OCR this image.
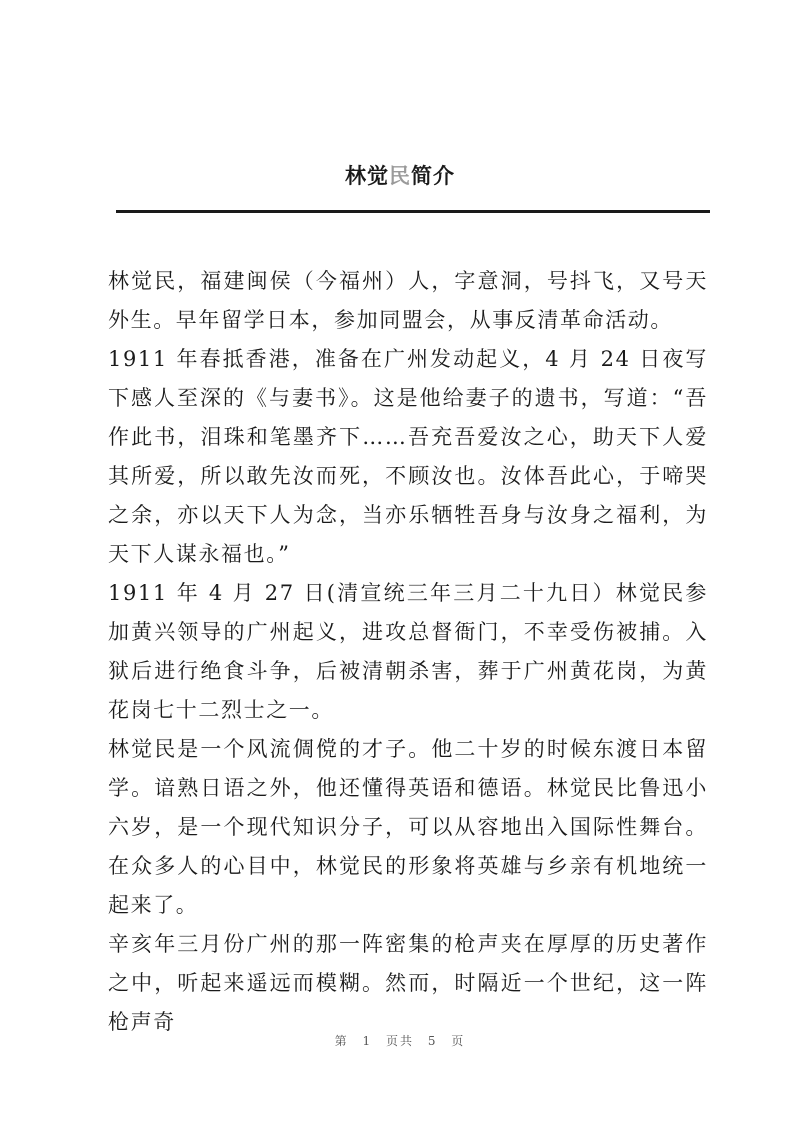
林觉民简介

林觉民，福建闽侯（今福州）人，字意洞，号抖飞，又号天外生。早年留学日本，参加同盟会，从事反清革命活动。

1911 年春抵香港，准备在广州发动起义，4 月 24 日夜写下感人至深的《与妻书》。这是他给妻子的遗书，写道：“吾作此书，泪珠和笔墨齐下……吾充吾爱汝之心，助天下人爱其所爱，所以敢先汝而死，不顾汝也。汝体吾此心，于啼哭之余，亦以天下人为念，当亦乐牺牲吾身与汝身之福利，为天下人谋永福也。”

1911 年 4 月 27 日(清宣统三年三月二十九日）林觉民参加黄兴领导的广州起义，进攻总督衙门，不幸受伤被捕。入狱后进行绝食斗争，后被清朝杀害，葬于广州黄花岗，为黄花岗七十二烈士之一。

林觉民是一个风流倜傥的才子。他二十岁的时候东渡日本留学。谙熟日语之外，他还懂得英语和德语。林觉民比鲁迅小六岁，是一个现代知识分子，可以从容地出入国际性舞台。在众多人的心目中，林觉民的形象将英雄与乡亲有机地统一起来了。

辛亥年三月份广州的那一阵密集的枪声夹在厚厚的历史著作之中，听起来遥远而模糊。然而，时隔近一个世纪，这一阵枪声奇

第 1 页共 5 页
